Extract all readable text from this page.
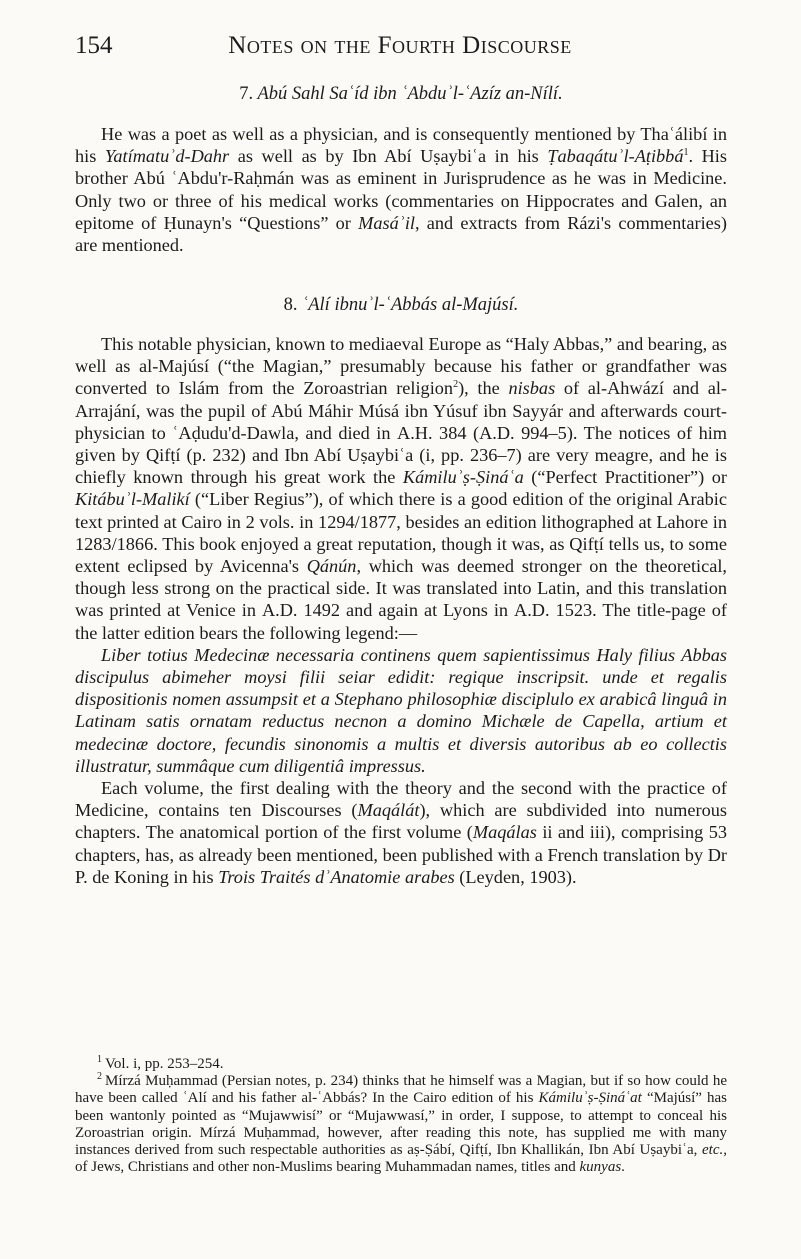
154	Notes on the Fourth Discourse
7. Abú Sahl Saʿíd ibn ʿAbduʾl-ʿAzíz an-Nílí.

He was a poet as well as a physician, and is consequently mentioned by Thaʿálibí in his Yatímatuʾd-Dahr as well as by Ibn Abí Uṣaybiʿa in his Ṭabaqátuʾl-Aṭibbá$^1$. His brother Abú ʿAbdu'r-Raḥmán was as eminent in Jurisprudence as he was in Medicine. Only two or three of his medical works (commentaries on Hippocrates and Galen, an epitome of Ḥunayn's “Questions” or Masáʾil, and extracts from Rázi's commentaries) are mentioned.

8. ʿAlí ibnuʾl-ʿAbbás al-Majúsí.

This notable physician, known to mediaeval Europe as “Haly Abbas,” and bearing, as well as al-Majúsí (“the Magian,” presumably because his father or grandfather was converted to Islám from the Zoroastrian religion$^2$), the nisbas of al-Ahwází and al-Arrajání, was the pupil of Abú Máhir Músá ibn Yúsuf ibn Sayyár and afterwards court-physician to ʿAḍudu'd-Dawla, and died in A.H. 384 (A.D. 994–5). The notices of him given by Qifṭí (p. 232) and Ibn Abí Uṣaybiʿa (i, pp. 236–7) are very meagre, and he is chiefly known through his great work the Kámiluʾṣ-Ṣináʿa (“Perfect Practitioner”) or Kitábuʾl-Malikí (“Liber Regius”), of which there is a good edition of the original Arabic text printed at Cairo in 2 vols. in 1294/1877, besides an edition lithographed at Lahore in 1283/1866. This book enjoyed a great reputation, though it was, as Qifṭí tells us, to some extent eclipsed by Avicenna's Qánún, which was deemed stronger on the theoretical, though less strong on the practical side. It was translated into Latin, and this translation was printed at Venice in A.D. 1492 and again at Lyons in A.D. 1523. The title-page of the latter edition bears the following legend:—

Liber totius Medecinæ necessaria continens quem sapientissimus Haly filius Abbas discipulus abimeher moysi filii seiar edidit: regique inscripsit. unde et regalis dispositionis nomen assumpsit et a Stephano philosophiæ disciplulo ex arabicâ linguâ in Latinam satis ornatam reductus necnon a domino Michæle de Capella, artium et medecinæ doctore, fecundis sinonomis a multis et diversis autoribus ab eo collectis illustratur, summâque cum diligentiâ impressus.

Each volume, the first dealing with the theory and the second with the practice of Medicine, contains ten Discourses (Maqálát), which are subdivided into numerous chapters. The anatomical portion of the first volume (Maqálas ii and iii), comprising 53 chapters, has, as already been mentioned, been published with a French translation by Dr P. de Koning in his Trois Traités dʾAnatomie arabes (Leyden, 1903).

$^1$ Vol. i, pp. 253–254.

$^2$ Mírzá Muḥammad (Persian notes, p. 234) thinks that he himself was a Magian, but if so how could he have been called ʿAlí and his father al-ʿAbbás? In the Cairo edition of his Kámiluʾṣ-Ṣináʿat “Majúsí” has been wantonly pointed as “Mujawwisí” or “Mujawwasí,” in order, I suppose, to attempt to conceal his Zoroastrian origin. Mírzá Muḥammad, however, after reading this note, has supplied me with many instances derived from such respectable authorities as aṣ-Ṣábí, Qifṭí, Ibn Khallikán, Ibn Abí Uṣaybiʿa, etc., of Jews, Christians and other non-Muslims bearing Muhammadan names, titles and kunyas.
